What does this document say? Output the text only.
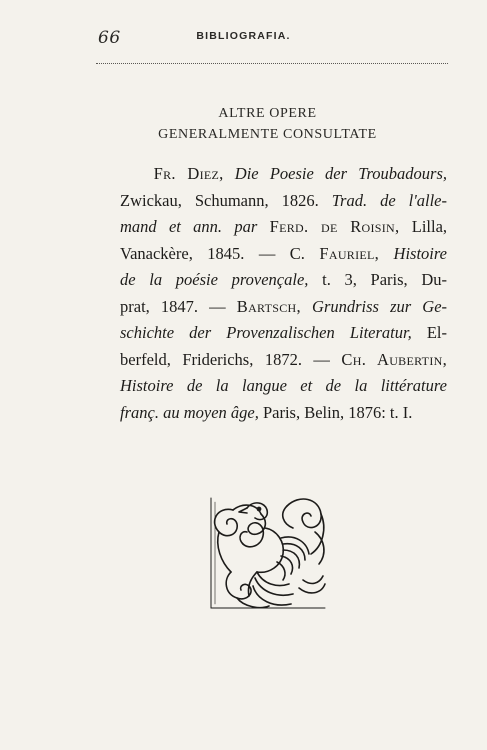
66	BIBLIOGRAFIA.
ALTRE OPERE
GENERALMENTE CONSULTATE
Fr. Diez, Die Poesie der Troubadours,
Zwickau, Schumann, 1826. Trad. de l'alle-
mand et ann. par Ferd. de Roisin, Lilla,
Vanackère, 1845. — C. Fauriel, Histoire
de la poésie provençale, t. 3, Paris, Du-
prat, 1847. — Bartsch, Grundriss zur Ge-
schichte der Provenzalischen Literatur, El-
berfeld, Friderichs, 1872. — Ch. Aubertin,
Histoire de la langue et de la littérature
franç. au moyen âge, Paris, Belin, 1876: t. I.
